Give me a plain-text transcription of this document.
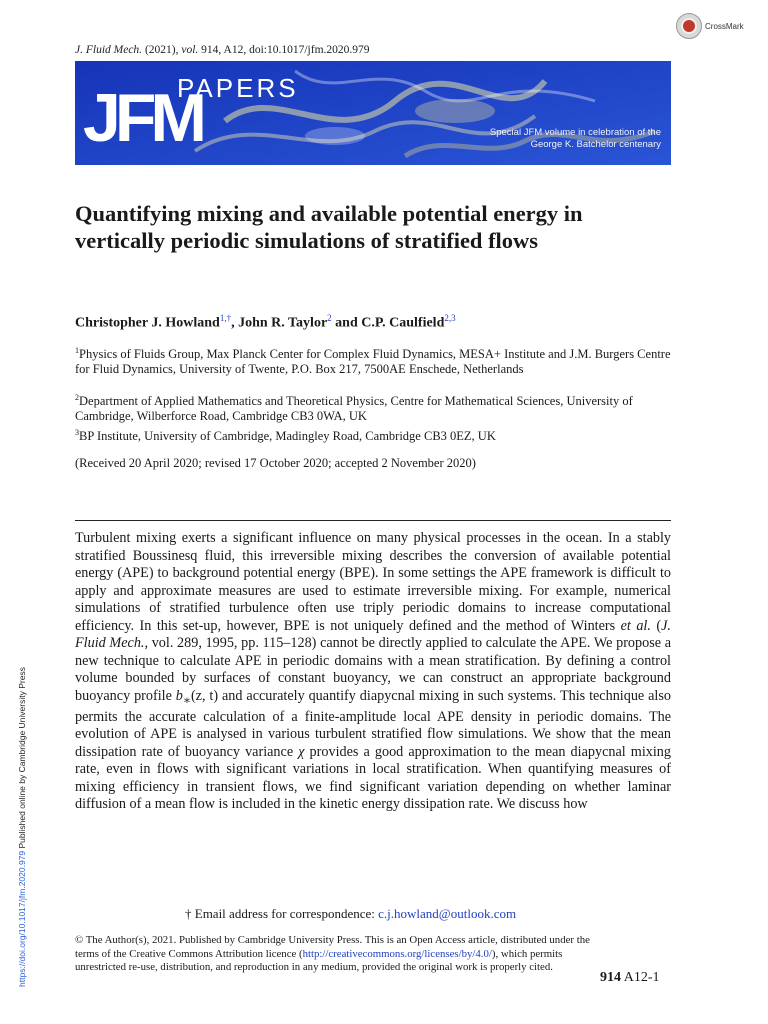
J. Fluid Mech. (2021), vol. 914, A12, doi:10.1017/jfm.2020.979
CrossMark
JFM
PAPERS
Special JFM volume in celebration of the
George K. Batchelor centenary
Quantifying mixing and available potential energy in vertically periodic simulations of stratified flows
Christopher J. Howland$^{1,\dagger}$, John R. Taylor$^2$ and C.P. Caulfield$^{2,3}$
$^1$Physics of Fluids Group, Max Planck Center for Complex Fluid Dynamics, MESA+ Institute and J.M. Burgers Centre for Fluid Dynamics, University of Twente, P.O. Box 217, 7500AE Enschede, Netherlands
$^2$Department of Applied Mathematics and Theoretical Physics, Centre for Mathematical Sciences, University of Cambridge, Wilberforce Road, Cambridge CB3 0WA, UK
$^3$BP Institute, University of Cambridge, Madingley Road, Cambridge CB3 0EZ, UK
(Received 20 April 2020; revised 17 October 2020; accepted 2 November 2020)
Turbulent mixing exerts a significant influence on many physical processes in the ocean. In a stably stratified Boussinesq fluid, this irreversible mixing describes the conversion of available potential energy (APE) to background potential energy (BPE). In some settings the APE framework is difficult to apply and approximate measures are used to estimate irreversible mixing. For example, numerical simulations of stratified turbulence often use triply periodic domains to increase computational efficiency. In this set-up, however, BPE is not uniquely defined and the method of Winters et al. (J. Fluid Mech., vol. 289, 1995, pp. 115–128) cannot be directly applied to calculate the APE. We propose a new technique to calculate APE in periodic domains with a mean stratification. By defining a control volume bounded by surfaces of constant buoyancy, we can construct an appropriate background buoyancy profile $b_∗(z$, t) and accurately quantify diapycnal mixing in such systems. This technique also permits the accurate calculation of a finite-amplitude local APE density in periodic domains. The evolution of APE is analysed in various turbulent stratified flow simulations. We show that the mean dissipation rate of buoyancy variance χ provides a good approximation to the mean diapycnal mixing rate, even in flows with significant variations in local stratification. When quantifying measures of mixing efficiency in transient flows, we find significant variation depending on whether laminar diffusion of a mean flow is included in the kinetic energy dissipation rate. We discuss how
https://doi.org/10.1017/jfm.2020.979 Published online by Cambridge University Press
† Email address for correspondence: c.j.howland@outlook.com
© The Author(s), 2021. Published by Cambridge University Press. This is an Open Access article, distributed under the terms of the Creative Commons Attribution licence (http://creativecommons.org/licenses/by/4.0/), which permits unrestricted re-use, distribution, and reproduction in any medium, provided the original work is properly cited.
914 A12-1
